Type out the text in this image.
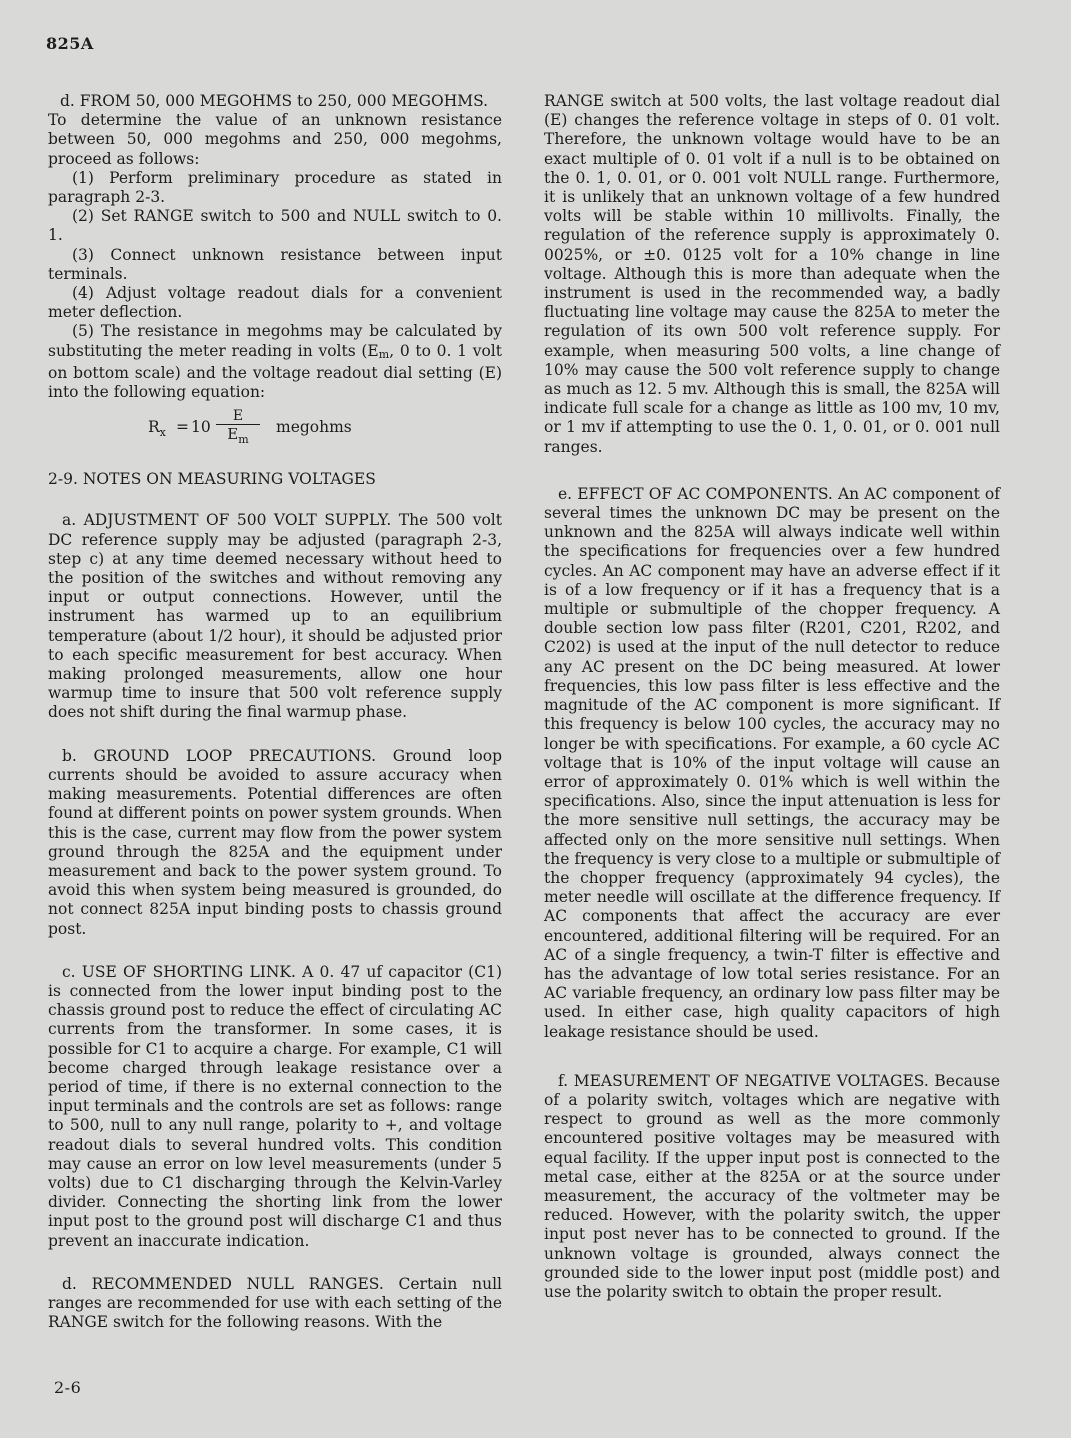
825A

d. FROM 50, 000 MEGOHMS to 250, 000 MEGOHMS.

To determine the value of an unknown resistance between 50, 000 megohms and 250, 000 megohms, proceed as follows:

(1) Perform preliminary procedure as stated in paragraph 2-3.

(2) Set RANGE switch to 500 and NULL switch to 0. 1.

(3) Connect unknown resistance between input terminals.

(4) Adjust voltage readout dials for a convenient meter deflection.

(5) The resistance in megohms may be calculated by substituting the meter reading in volts (Em, 0 to 0. 1 volt on bottom scale) and the voltage readout dial setting (E) into the following equation:

$R_x = 10 \frac{E}{E_m}$ megohms

2-9. NOTES ON MEASURING VOLTAGES

a. ADJUSTMENT OF 500 VOLT SUPPLY. The 500 volt DC reference supply may be adjusted (paragraph 2-3, step c) at any time deemed necessary without heed to the position of the switches and without removing any input or output connections. However, until the instrument has warmed up to an equilibrium temperature (about 1/2 hour), it should be adjusted prior to each specific measurement for best accuracy. When making prolonged measurements, allow one hour warmup time to insure that 500 volt reference supply does not shift during the final warmup phase.

b. GROUND LOOP PRECAUTIONS. Ground loop currents should be avoided to assure accuracy when making measurements. Potential differences are often found at different points on power system grounds. When this is the case, current may flow from the power system ground through the 825A and the equipment under measurement and back to the power system ground. To avoid this when system being measured is grounded, do not connect 825A input binding posts to chassis ground post.

c. USE OF SHORTING LINK. A 0. 47 uf capacitor (C1) is connected from the lower input binding post to the chassis ground post to reduce the effect of circulating AC currents from the transformer. In some cases, it is possible for C1 to acquire a charge. For example, C1 will become charged through leakage resistance over a period of time, if there is no external connection to the input terminals and the controls are set as follows: range to 500, null to any null range, polarity to +, and voltage readout dials to several hundred volts. This condition may cause an error on low level measurements (under 5 volts) due to C1 discharging through the Kelvin-Varley divider. Connecting the shorting link from the lower input post to the ground post will discharge C1 and thus prevent an inaccurate indication.

d. RECOMMENDED NULL RANGES. Certain null ranges are recommended for use with each setting of the RANGE switch for the following reasons. With the

RANGE switch at 500 volts, the last voltage readout dial (E) changes the reference voltage in steps of 0. 01 volt. Therefore, the unknown voltage would have to be an exact multiple of 0. 01 volt if a null is to be obtained on the 0. 1, 0. 01, or 0. 001 volt NULL range. Furthermore, it is unlikely that an unknown voltage of a few hundred volts will be stable within 10 millivolts. Finally, the regulation of the reference supply is approximately 0. 0025%, or ±0. 0125 volt for a 10% change in line voltage. Although this is more than adequate when the instrument is used in the recommended way, a badly fluctuating line voltage may cause the 825A to meter the regulation of its own 500 volt reference supply. For example, when measuring 500 volts, a line change of 10% may cause the 500 volt reference supply to change as much as 12. 5 mv. Although this is small, the 825A will indicate full scale for a change as little as 100 mv, 10 mv, or 1 mv if attempting to use the 0. 1, 0. 01, or 0. 001 null ranges.

e. EFFECT OF AC COMPONENTS. An AC component of several times the unknown DC may be present on the unknown and the 825A will always indicate well within the specifications for frequencies over a few hundred cycles. An AC component may have an adverse effect if it is of a low frequency or if it has a frequency that is a multiple or submultiple of the chopper frequency. A double section low pass filter (R201, C201, R202, and C202) is used at the input of the null detector to reduce any AC present on the DC being measured. At lower frequencies, this low pass filter is less effective and the magnitude of the AC component is more significant. If this frequency is below 100 cycles, the accuracy may no longer be with specifications. For example, a 60 cycle AC voltage that is 10% of the input voltage will cause an error of approximately 0. 01% which is well within the specifications. Also, since the input attenuation is less for the more sensitive null settings, the accuracy may be affected only on the more sensitive null settings. When the frequency is very close to a multiple or submultiple of the chopper frequency (approximately 94 cycles), the meter needle will oscillate at the difference frequency. If AC components that affect the accuracy are ever encountered, additional filtering will be required. For an AC of a single frequency, a twin-T filter is effective and has the advantage of low total series resistance. For an AC variable frequency, an ordinary low pass filter may be used. In either case, high quality capacitors of high leakage resistance should be used.

f. MEASUREMENT OF NEGATIVE VOLTAGES. Because of a polarity switch, voltages which are negative with respect to ground as well as the more commonly encountered positive voltages may be measured with equal facility. If the upper input post is connected to the metal case, either at the 825A or at the source under measurement, the accuracy of the voltmeter may be reduced. However, with the polarity switch, the upper input post never has to be connected to ground. If the unknown voltage is grounded, always connect the grounded side to the lower input post (middle post) and use the polarity switch to obtain the proper result.

2-6
